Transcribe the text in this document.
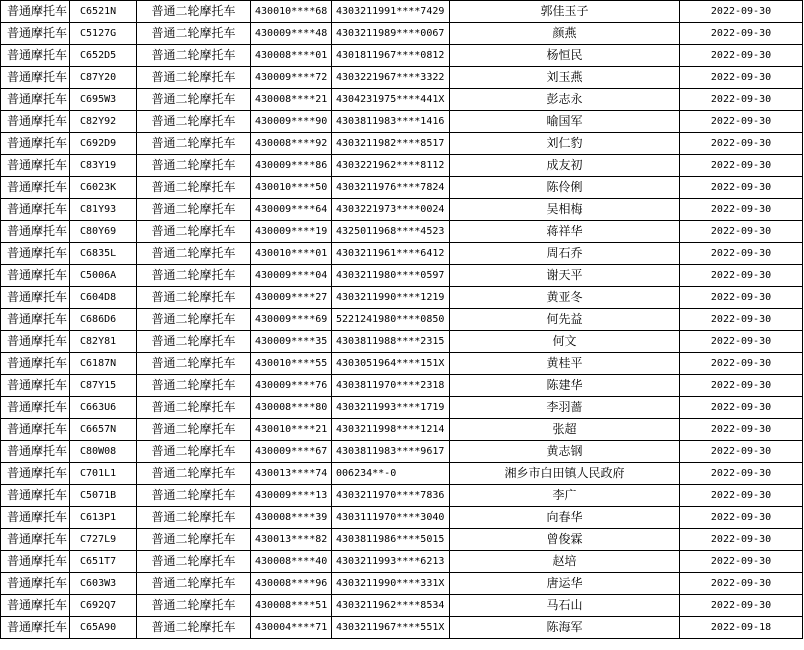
普通摩托车	C6521N	普通二轮摩托车	430010****68	4303211991****7429	郭佳玉子	2022-09-30
普通摩托车	C5127G	普通二轮摩托车	430009****48	4303211989****0067	颜燕	2022-09-30
普通摩托车	C652D5	普通二轮摩托车	430008****01	4301811967****0812	杨恒民	2022-09-30
普通摩托车	C87Y20	普通二轮摩托车	430009****72	4303221967****3322	刘玉燕	2022-09-30
普通摩托车	C695W3	普通二轮摩托车	430008****21	4304231975****441X	彭志永	2022-09-30
普通摩托车	C82Y92	普通二轮摩托车	430009****90	4303811983****1416	喻国军	2022-09-30
普通摩托车	C692D9	普通二轮摩托车	430008****92	4303211982****8517	刘仁豹	2022-09-30
普通摩托车	C83Y19	普通二轮摩托车	430009****86	4303221962****8112	成友初	2022-09-30
普通摩托车	C6023K	普通二轮摩托车	430010****50	4303211976****7824	陈伶俐	2022-09-30
普通摩托车	C81Y93	普通二轮摩托车	430009****64	4303221973****0024	吴相梅	2022-09-30
普通摩托车	C80Y69	普通二轮摩托车	430009****19	4325011968****4523	蒋祥华	2022-09-30
普通摩托车	C6835L	普通二轮摩托车	430010****01	4303211961****6412	周石乔	2022-09-30
普通摩托车	C5006A	普通二轮摩托车	430009****04	4303211980****0597	谢天平	2022-09-30
普通摩托车	C604D8	普通二轮摩托车	430009****27	4303211990****1219	黄亚冬	2022-09-30
普通摩托车	C686D6	普通二轮摩托车	430009****69	5221241980****0850	何先益	2022-09-30
普通摩托车	C82Y81	普通二轮摩托车	430009****35	4303811988****2315	何文	2022-09-30
普通摩托车	C6187N	普通二轮摩托车	430010****55	4303051964****151X	黄桂平	2022-09-30
普通摩托车	C87Y15	普通二轮摩托车	430009****76	4303811970****2318	陈建华	2022-09-30
普通摩托车	C663U6	普通二轮摩托车	430008****80	4303211993****1719	李羽蔷	2022-09-30
普通摩托车	C6657N	普通二轮摩托车	430010****21	4303211998****1214	张超	2022-09-30
普通摩托车	C80W08	普通二轮摩托车	430009****67	4303811983****9617	黄志钢	2022-09-30
普通摩托车	C701L1	普通二轮摩托车	430013****74	006234**-0	湘乡市白田镇人民政府	2022-09-30
普通摩托车	C5071B	普通二轮摩托车	430009****13	4303211970****7836	李广	2022-09-30
普通摩托车	C613P1	普通二轮摩托车	430008****39	4303111970****3040	向春华	2022-09-30
普通摩托车	C727L9	普通二轮摩托车	430013****82	4303811986****5015	曾俊霖	2022-09-30
普通摩托车	C651T7	普通二轮摩托车	430008****40	4303211993****6213	赵培	2022-09-30
普通摩托车	C603W3	普通二轮摩托车	430008****96	4303211990****331X	唐运华	2022-09-30
普通摩托车	C692Q7	普通二轮摩托车	430008****51	4303211962****8534	马石山	2022-09-30
普通摩托车	C65A90	普通二轮摩托车	430004****71	4303211967****551X	陈海军	2022-09-18
